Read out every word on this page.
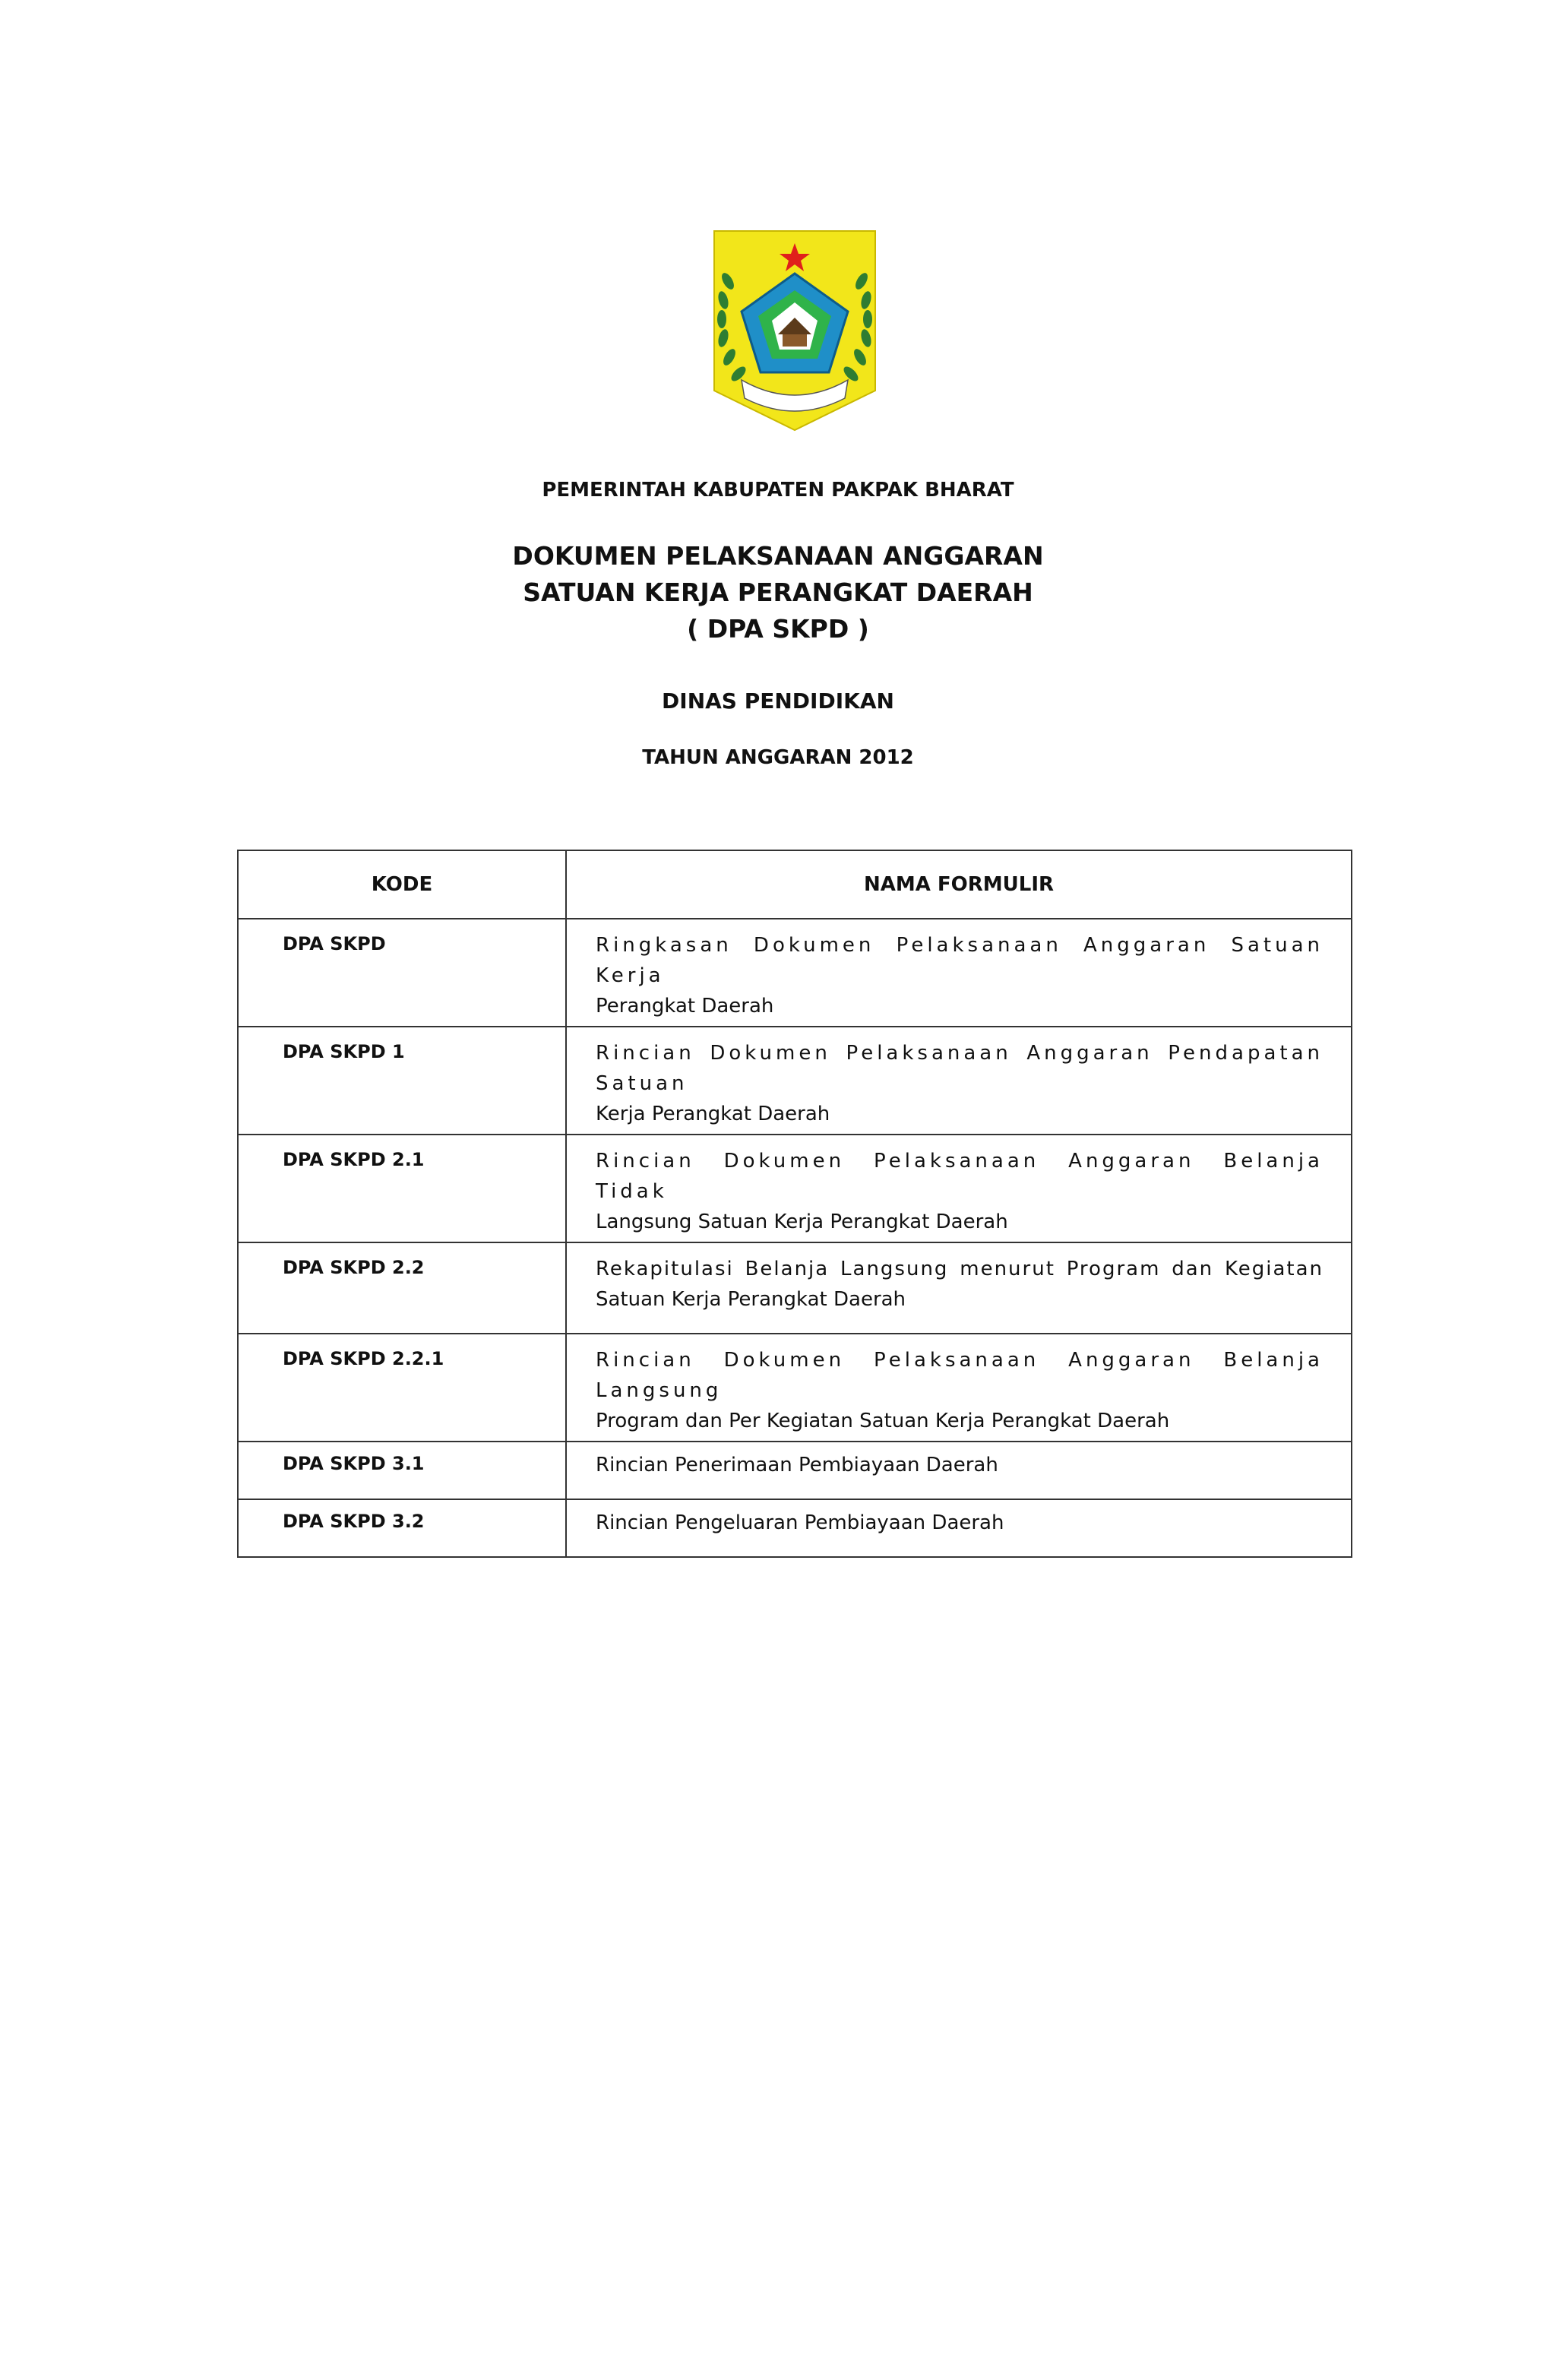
PEMERINTAH KABUPATEN PAKPAK BHARAT
DOKUMEN PELAKSANAAN ANGGARAN
SATUAN KERJA PERANGKAT DAERAH
( DPA SKPD )
DINAS PENDIDIKAN
TAHUN ANGGARAN 2012
KODE	NAMA FORMULIR
DPA SKPD	Ringkasan Dokumen Pelaksanaan Anggaran Satuan Kerja
Perangkat Daerah

DPA SKPD 1	Rincian Dokumen Pelaksanaan Anggaran Pendapatan Satuan
Kerja Perangkat Daerah

DPA SKPD 2.1	Rincian Dokumen Pelaksanaan Anggaran Belanja Tidak
Langsung Satuan Kerja Perangkat Daerah

DPA SKPD 2.2	Rekapitulasi Belanja Langsung menurut Program dan Kegiatan
Satuan Kerja Perangkat Daerah

DPA SKPD 2.2.1	Rincian Dokumen Pelaksanaan Anggaran Belanja Langsung
Program dan Per Kegiatan Satuan Kerja Perangkat Daerah

DPA SKPD 3.1	Rincian Penerimaan Pembiayaan Daerah
DPA SKPD 3.2	Rincian Pengeluaran Pembiayaan Daerah
